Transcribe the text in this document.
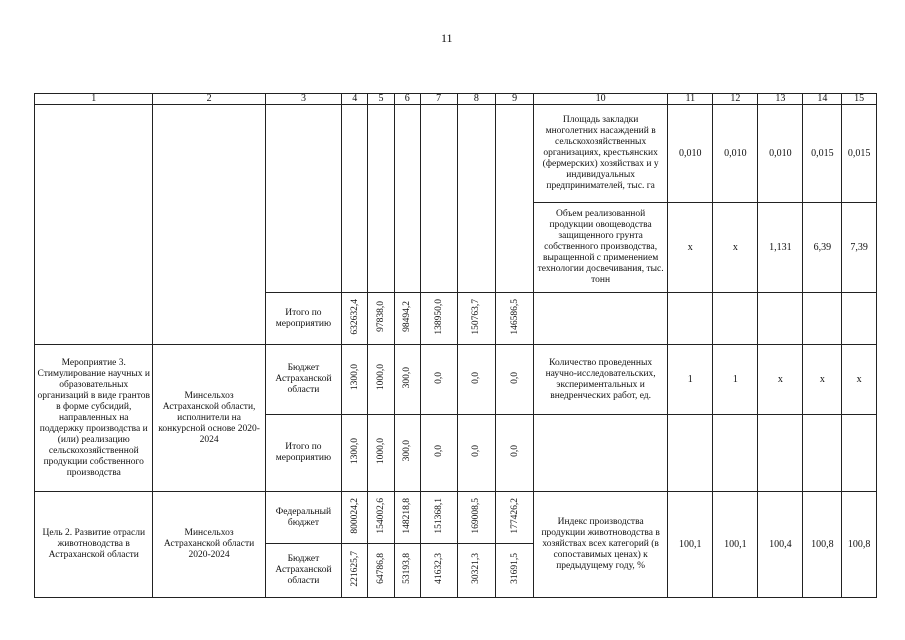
11
1	2	3	4	5	6	7	8	9	10	11	12	13	14	15
									Площадь закладки многолетних насаждений в сельскохозяйственных организациях, крестьянских (фермерских) хозяйствах и у индивидуальных предпринимателей, тыс. га	0,010	0,010	0,010	0,015	0,015
									Объем реализованной продукции овощеводства защищенного грунта собственного производства, выращенной с применением технологии досвечивания, тыс. тонн	х	х	1,131	6,39	7,39
		Итого по мероприятию	632632,4	97838,0	98494,2	138950,0	150763,7	146586,5						
Мероприятие 3. Стимулирование научных и образовательных организаций в виде грантов в форме субсидий, направленных на поддержку производства и (или) реализацию сельскохозяйственной продукции собственного производства	Минсельхоз Астраханской области, исполнители на конкурсной основе 2020-2024	Бюджет Астраханской области	1300,0	1000,0	300,0	0,0	0,0	0,0	Количество проведенных научно-исследовательских, экспериментальных и внедренческих работ, ед.	1	1	х	х	х
		Итого по мероприятию	1300,0	1000,0	300,0	0,0	0,0	0,0						
Цель 2. Развитие отрасли животноводства в Астраханской области	Минсельхоз Астраханской области 2020-2024	Федеральный бюджет	800024,2	154002,6	148218,8	151368,1	169008,5	177426,2	Индекс производства продукции животноводства в хозяйствах всех категорий (в сопоставимых ценах) к предыдущему году, %	100,1	100,1	100,4	100,8	100,8
		Бюджет Астраханской области	221625,7	64786,8	53193,8	41632,3	30321,3	31691,5						
